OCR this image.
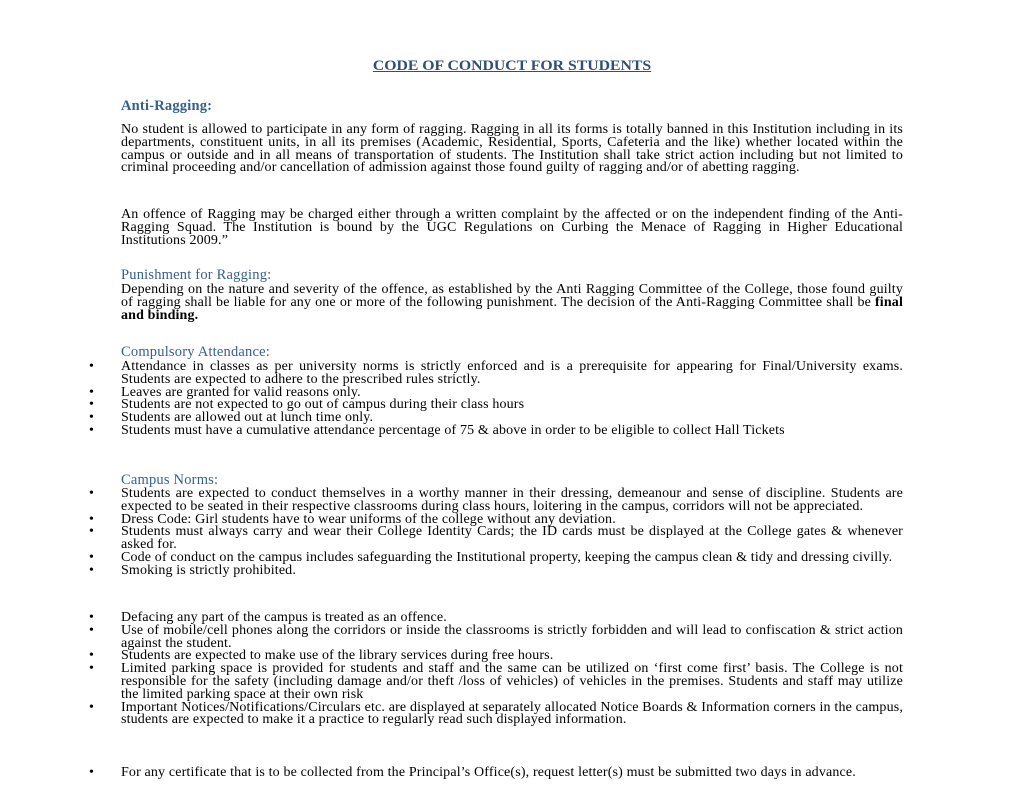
CODE OF CONDUCT FOR STUDENTS
Anti-Ragging:
No student is allowed to participate in any form of ragging. Ragging in all its forms is totally banned in this Institution including in its departments, constituent units, in all its premises (Academic, Residential, Sports, Cafeteria and the like) whether located within the campus or outside and in all means of transportation of students. The Institution shall take strict action including but not limited to criminal proceeding and/or cancellation of admission against those found guilty of ragging and/or of abetting ragging.
An offence of Ragging may be charged either through a written complaint by the affected or on the independent finding of the Anti-Ragging Squad. The Institution is bound by the UGC Regulations on Curbing the Menace of Ragging in Higher Educational Institutions 2009.”
Punishment for Ragging:
Depending on the nature and severity of the offence, as established by the Anti Ragging Committee of the College, those found guilty of ragging shall be liable for any one or more of the following punishment. The decision of the Anti-Ragging Committee shall be final and binding.
Compulsory Attendance:
• Attendance in classes as per university norms is strictly enforced and is a prerequisite for appearing for Final/University exams. Students are expected to adhere to the prescribed rules strictly.
• Leaves are granted for valid reasons only.
• Students are not expected to go out of campus during their class hours
• Students are allowed out at lunch time only.
• Students must have a cumulative attendance percentage of 75 & above in order to be eligible to collect Hall Tickets
Campus Norms:
• Students are expected to conduct themselves in a worthy manner in their dressing, demeanour and sense of discipline. Students are expected to be seated in their respective classrooms during class hours, loitering in the campus, corridors will not be appreciated.
• Dress Code: Girl students have to wear uniforms of the college without any deviation.
• Students must always carry and wear their College Identity Cards; the ID cards must be displayed at the College gates & whenever asked for.
• Code of conduct on the campus includes safeguarding the Institutional property, keeping the campus clean & tidy and dressing civilly.
• Smoking is strictly prohibited.
• Defacing any part of the campus is treated as an offence.
• Use of mobile/cell phones along the corridors or inside the classrooms is strictly forbidden and will lead to confiscation & strict action against the student.
• Students are expected to make use of the library services during free hours.
• Limited parking space is provided for students and staff and the same can be utilized on ‘first come first’ basis. The College is not responsible for the safety (including damage and/or theft /loss of vehicles) of vehicles in the premises. Students and staff may utilize the limited parking space at their own risk
• Important Notices/Notifications/Circulars etc. are displayed at separately allocated Notice Boards & Information corners in the campus, students are expected to make it a practice to regularly read such displayed information.
• For any certificate that is to be collected from the Principal’s Office(s), request letter(s) must be submitted two days in advance.
